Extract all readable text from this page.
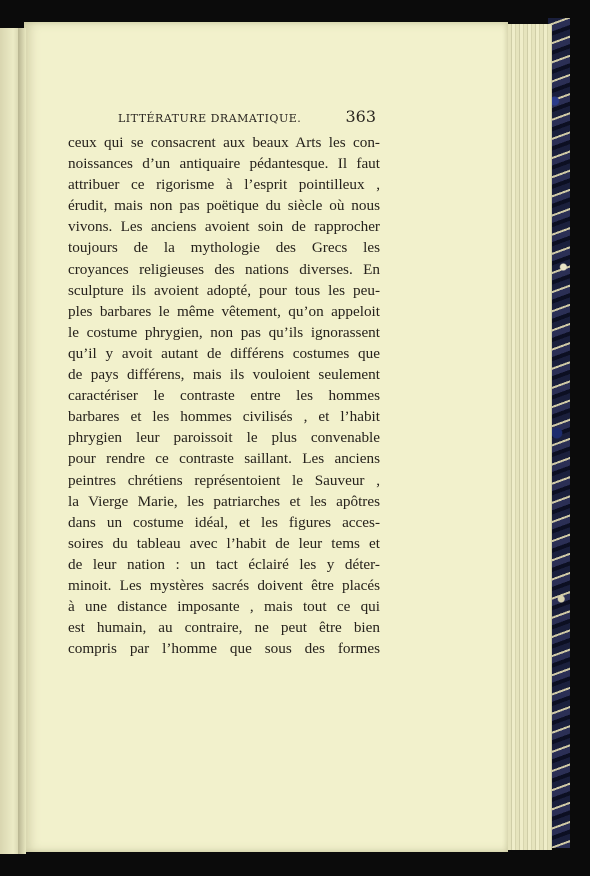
LITTÉRATURE DRAMATIQUE.	363
ceux qui se consacrent aux beaux Arts les con-
noissances d’un antiquaire pédantesque. Il faut
attribuer ce rigorisme à l’esprit pointilleux ,
érudit, mais non pas poëtique du siècle où nous
vivons. Les anciens avoient soin de rapprocher
toujours de la mythologie des Grecs les
croyances religieuses des nations diverses. En
sculpture ils avoient adopté, pour tous les peu-
ples barbares le même vêtement, qu’on appeloit
le costume phrygien, non pas qu’ils ignorassent
qu’il y avoit autant de différens costumes que
de pays différens, mais ils vouloient seulement
caractériser le contraste entre les hommes
barbares et les hommes civilisés , et l’habit
phrygien leur paroissoit le plus convenable
pour rendre ce contraste saillant. Les anciens
peintres chrétiens représentoient le Sauveur ,
la Vierge Marie, les patriarches et les apôtres
dans un costume idéal, et les figures acces-
soires du tableau avec l’habit de leur tems et
de leur nation : un tact éclairé les y déter-
minoit. Les mystères sacrés doivent être placés
à une distance imposante , mais tout ce qui
est humain, au contraire, ne peut être bien
compris par l’homme que sous des formes
